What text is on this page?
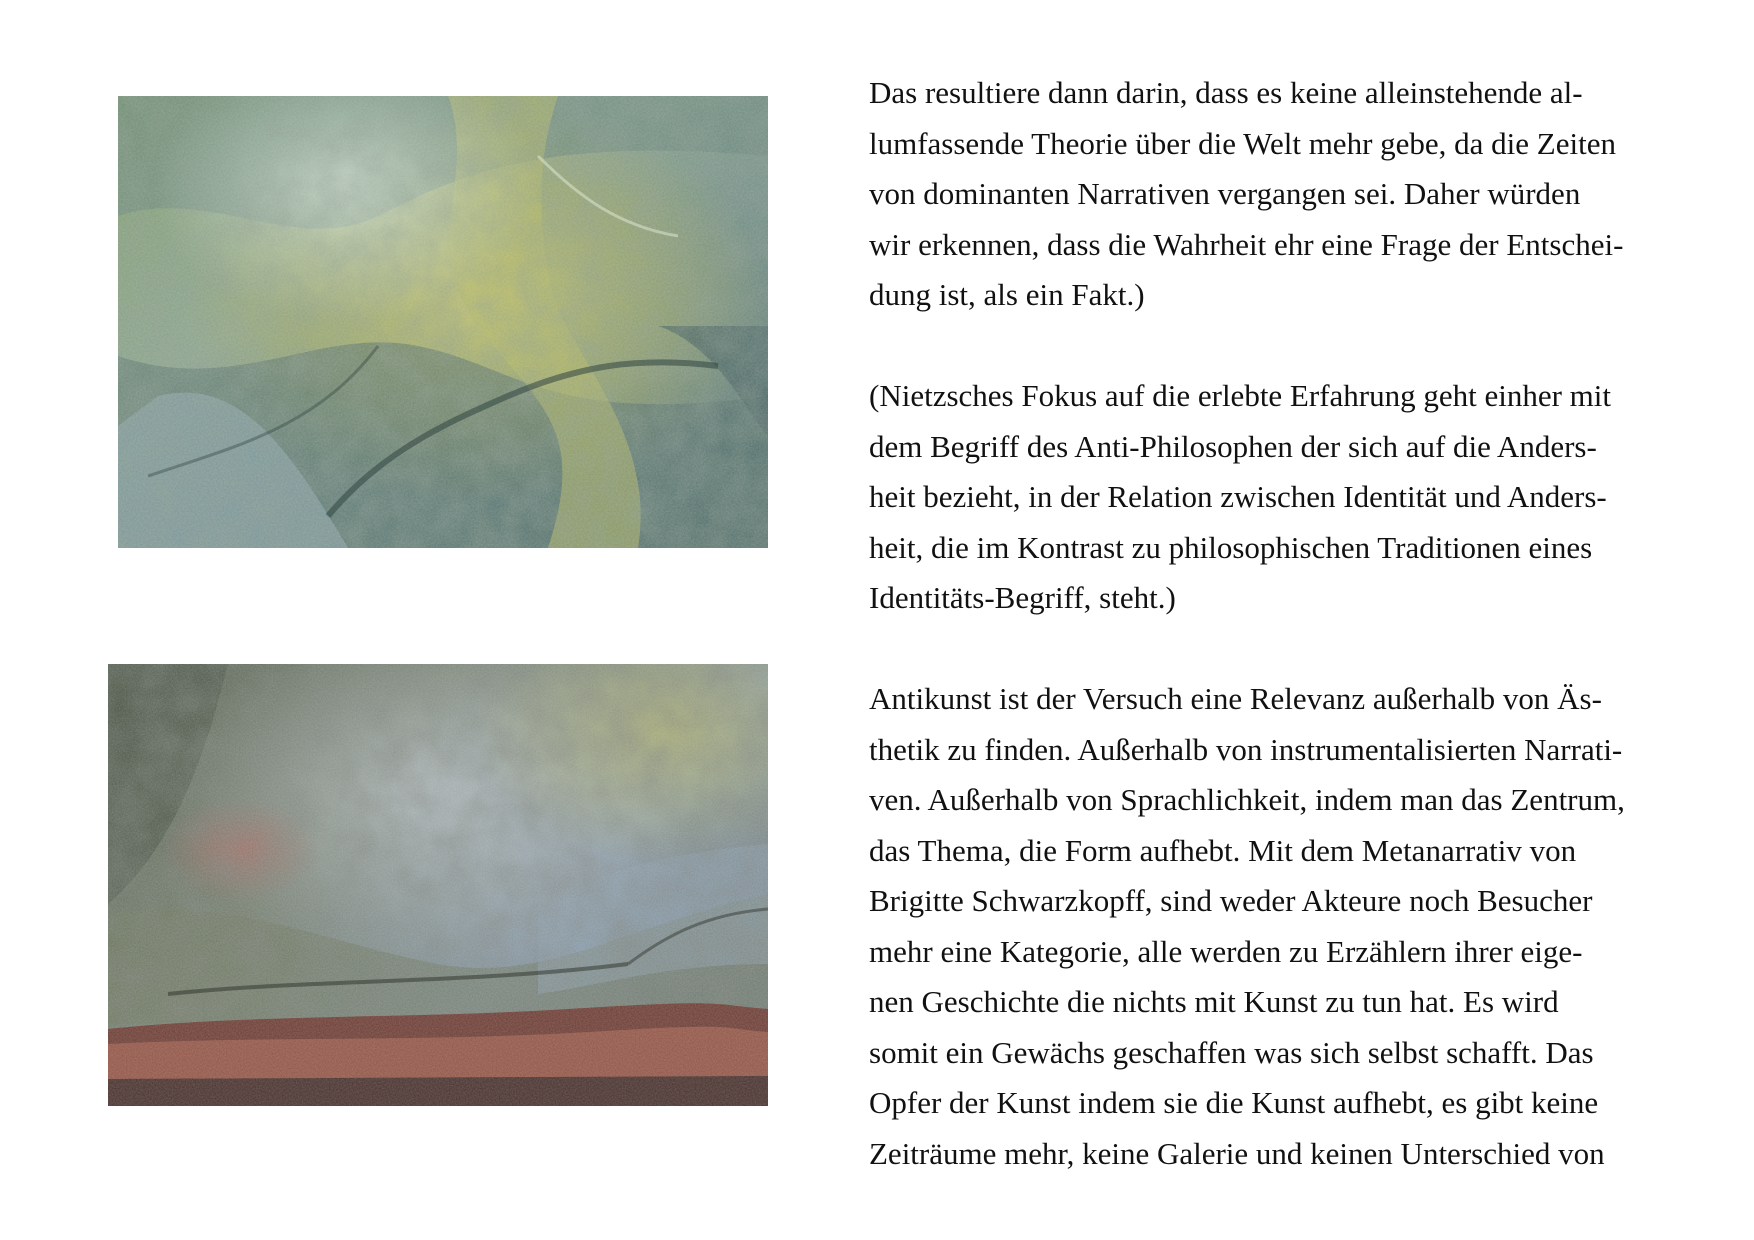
Das resultiere dann darin, dass es keine alleinstehende al-
lumfassende Theorie über die Welt mehr gebe, da die Zeiten
von dominanten Narrativen vergangen sei. Daher würden
wir erkennen, dass die Wahrheit ehr eine Frage der Entschei-
dung ist, als ein Fakt.)
(Nietzsches Fokus auf die erlebte Erfahrung geht einher mit
dem Begriff des Anti-Philosophen der sich auf die Anders-
heit bezieht, in der Relation zwischen Identität und Anders-
heit, die im Kontrast zu philosophischen Traditionen eines
Identitäts-Begriff, steht.)
Antikunst ist der Versuch eine Relevanz außerhalb von Äs-
thetik zu finden. Außerhalb von instrumentalisierten Narrati-
ven. Außerhalb von Sprachlichkeit, indem man das Zentrum,
das Thema, die Form aufhebt. Mit dem Metanarrativ von
Brigitte Schwarzkopff, sind weder Akteure noch Besucher
mehr eine Kategorie, alle werden zu Erzählern ihrer eige-
nen Geschichte die nichts mit Kunst zu tun hat. Es wird
somit ein Gewächs geschaffen was sich selbst schafft. Das
Opfer der Kunst indem sie die Kunst aufhebt, es gibt keine
Zeiträume mehr, keine Galerie und keinen Unterschied von
